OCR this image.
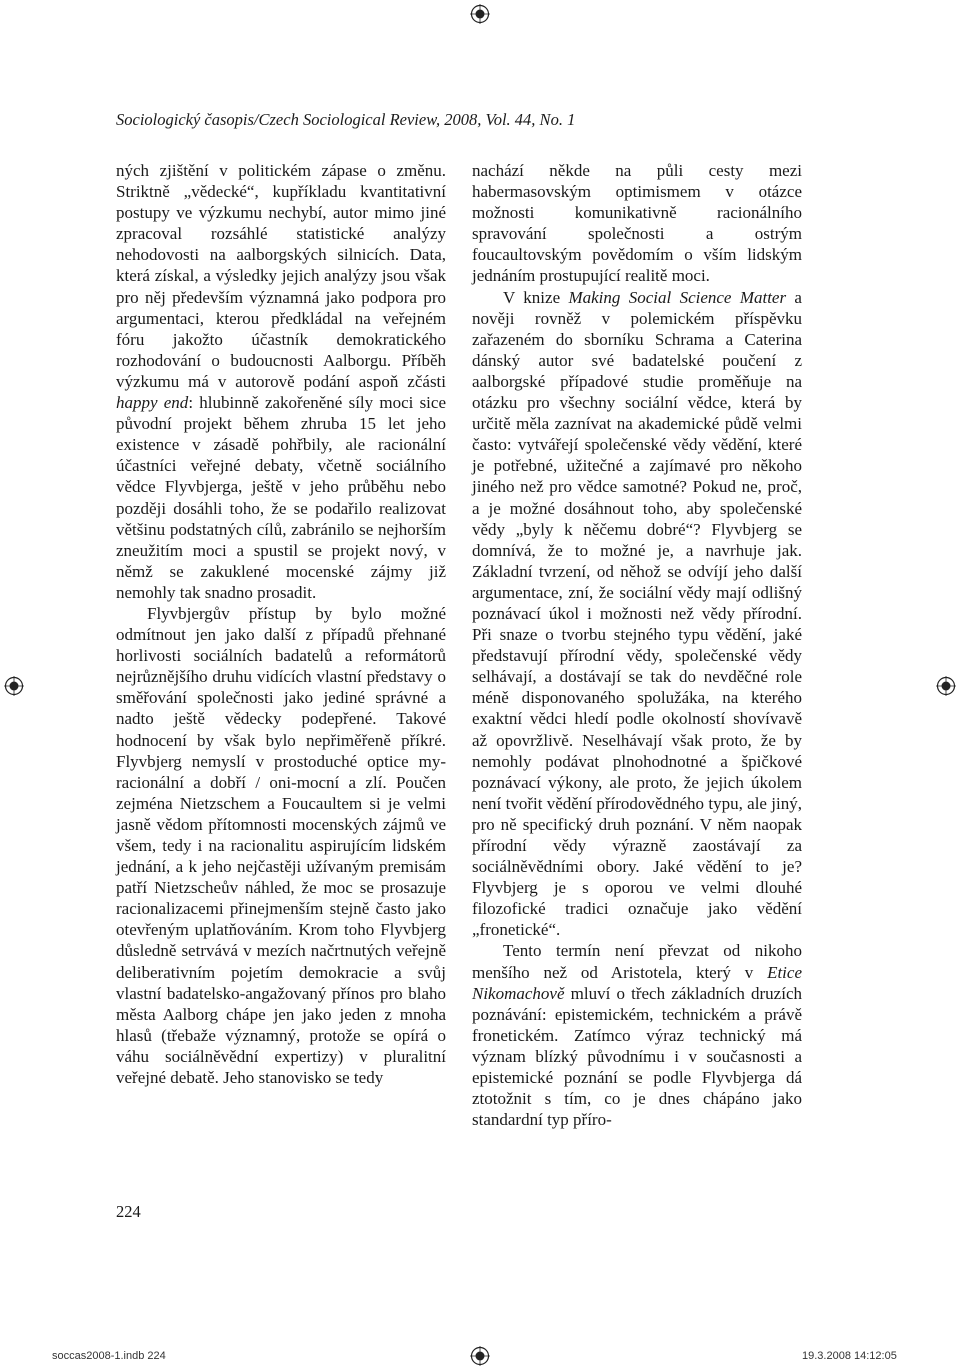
Sociologický časopis/Czech Sociological Review, 2008, Vol. 44, No. 1

ných zjištění v politickém zápase o změnu. Striktně „vědecké“, kupříkladu kvantitativní postupy ve výzkumu nechybí, autor mimo jiné zpracoval rozsáhlé statistické analýzy nehodovosti na aalborgských silnicích. Data, která získal, a výsledky jejich analýzy jsou však pro něj především významná jako podpora pro argumentaci, kterou předkládal na veřejném fóru jakožto účastník demokratického rozhodování o budoucnosti Aalborgu. Příběh výzkumu má v autorově podání aspoň zčásti happy end: hlubinně zakořeněné síly moci sice původní projekt během zhruba 15 let jeho existence v zásadě pohřbily, ale racionální účastníci veřejné debaty, včetně sociálního vědce Flyvbjerga, ještě v jeho průběhu nebo později dosáhli toho, že se podařilo realizovat většinu podstatných cílů, zabránilo se nejhorším zneužitím moci a spustil se projekt nový, v němž se zakuklené mocenské zájmy již nemohly tak snadno prosadit.

Flyvbjergův přístup by bylo možné odmítnout jen jako další z případů přehnané horlivosti sociálních badatelů a reformátorů nejrůznějšího druhu vidících vlastní představy o směřování společnosti jako jediné správné a nadto ještě vědecky podepřené. Takové hodnocení by však bylo nepřiměřeně příkré. Flyvbjerg nemyslí v prostoduché optice my-racionální a dobří / oni-mocní a zlí. Poučen zejména Nietzschem a Foucaultem si je velmi jasně vědom přítomnosti mocenských zájmů ve všem, tedy i na racionalitu aspirujícím lidském jednání, a k jeho nejčastěji užívaným premisám patří Nietzscheův náhled, že moc se prosazuje racionalizacemi přinejmenším stejně často jako otevřeným uplatňováním. Krom toho Flyvbjerg důsledně setrvává v mezích načrtnutých veřejně deliberativním pojetím demokracie a svůj vlastní badatelsko-angažovaný přínos pro blaho města Aalborg chápe jen jako jeden z mnoha hlasů (třebaže významný, protože se opírá o váhu sociálněvědní expertizy) v pluralitní veřejné debatě. Jeho stanovisko se tedy

nachází někde na půli cesty mezi habermasovským optimismem v otázce možnosti komunikativně racionálního spravování společnosti a ostrým foucaultovským povědomím o vším lidským jednáním prostupující realitě moci.

V knize Making Social Science Matter a nověji rovněž v polemickém příspěvku zařazeném do sborníku Schrama a Caterina dánský autor své badatelské poučení z aalborgské případové studie proměňuje na otázku pro všechny sociální vědce, která by určitě měla zaznívat na akademické půdě velmi často: vytvářejí společenské vědy vědění, které je potřebné, užitečné a zajímavé pro někoho jiného než pro vědce samotné? Pokud ne, proč, a je možné dosáhnout toho, aby společenské vědy „byly k něčemu dobré“? Flyvbjerg se domnívá, že to možné je, a navrhuje jak. Základní tvrzení, od něhož se odvíjí jeho další argumentace, zní, že sociální vědy mají odlišný poznávací úkol i možnosti než vědy přírodní. Při snaze o tvorbu stejného typu vědění, jaké představují přírodní vědy, společenské vědy selhávají, a dostávají se tak do nevděčné role méně disponovaného spolužáka, na kterého exaktní vědci hledí podle okolností shovívavě až opovržlivě. Neselhávají však proto, že by nemohly podávat plnohodnotné a špičkové poznávací výkony, ale proto, že jejich úkolem není tvořit vědění přírodovědného typu, ale jiný, pro ně specifický druh poznání. V něm naopak přírodní vědy výrazně zaostávají za sociálněvědními obory. Jaké vědění to je? Flyvbjerg je s oporou ve velmi dlouhé filozofické tradici označuje jako vědění „fronetické“.

Tento termín není převzat od nikoho menšího než od Aristotela, který v Etice Nikomachově mluví o třech základních druzích poznávání: epistemickém, technickém a právě fronetickém. Zatímco výraz technický má význam blízký původnímu i v současnosti a epistemické poznání se podle Flyvbjerga dá ztotožnit s tím, co je dnes chápáno jako standardní typ příro-

224
soccas2008-1.indb 224	19.3.2008 14:12:05
